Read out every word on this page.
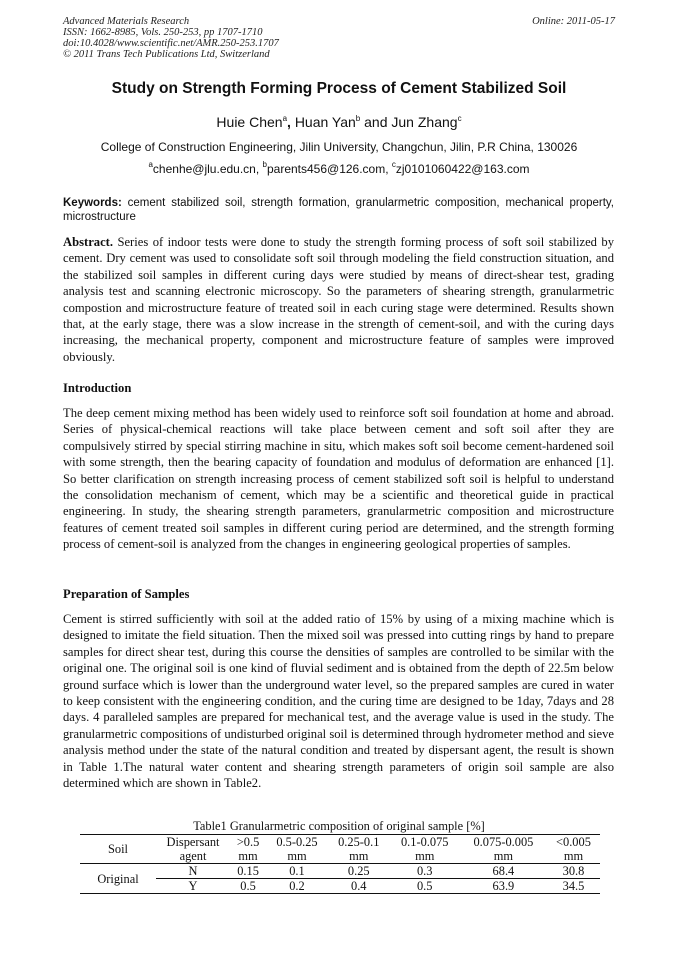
Advanced Materials Research
ISSN: 1662-8985, Vols. 250-253, pp 1707-1710
doi:10.4028/www.scientific.net/AMR.250-253.1707
© 2011 Trans Tech Publications Ltd, Switzerland
Online: 2011-05-17
Study on Strength Forming Process of Cement Stabilized Soil
Huie Chen$^a$, Huan Yan$^b$ and Jun Zhang$^c$
College of Construction Engineering, Jilin University, Changchun, Jilin, P.R China, 130026
$^a$chenhe@jlu.edu.cn, $^b$parents456@126.com, $^c$zj0101060422@163.com
Keywords: cement stabilized soil, strength formation, granularmetric composition, mechanical property, microstructure
Abstract. Series of indoor tests were done to study the strength forming process of soft soil stabilized by cement. Dry cement was used to consolidate soft soil through modeling the field construction situation, and the stabilized soil samples in different curing days were studied by means of direct-shear test, grading analysis test and scanning electronic microscopy. So the parameters of shearing strength, granularmetric compostion and microstructure feature of treated soil in each curing stage were determined. Results shown that, at the early stage, there was a slow increase in the strength of cement-soil, and with the curing days increasing, the mechanical property, component and microstructure feature of samples were improved obviously.
Introduction
The deep cement mixing method has been widely used to reinforce soft soil foundation at home and abroad. Series of physical-chemical reactions will take place between cement and soft soil after they are compulsively stirred by special stirring machine in situ, which makes soft soil become cement-hardened soil with some strength, then the bearing capacity of foundation and modulus of deformation are enhanced [1]. So better clarification on strength increasing process of cement stabilized soft soil is helpful to understand the consolidation mechanism of cement, which may be a scientific and theoretical guide in practical engineering. In study, the shearing strength parameters, granularmetric composition and microstructure features of cement treated soil samples in different curing period are determined, and the strength forming process of cement-soil is analyzed from the changes in engineering geological properties of samples.
Preparation of Samples
Cement is stirred sufficiently with soil at the added ratio of 15% by using of a mixing machine which is designed to imitate the field situation. Then the mixed soil was pressed into cutting rings by hand to prepare samples for direct shear test, during this course the densities of samples are controlled to be similar with the original one. The original soil is one kind of fluvial sediment and is obtained from the depth of 22.5m below ground surface which is lower than the underground water level, so the prepared samples are cured in water to keep consistent with the engineering condition, and the curing time are designed to be 1day, 7days and 28 days. 4 paralleled samples are prepared for mechanical test, and the average value is used in the study. The granularmetric compositions of undisturbed original soil is determined through hydrometer method and sieve analysis method under the state of the natural condition and treated by dispersant agent, the result is shown in Table 1.The natural water content and shearing strength parameters of origin soil sample are also determined which are shown in Table2.
Table1 Granularmetric composition of original sample [%]
Soil	Dispersant	>0.5	0.5-0.25	0.25-0.1	0.1-0.075	0.075-0.005	<0.005
	agent	mm	mm	mm	mm	mm	mm
Original	N	0.15	0.1	0.25	0.3	68.4	30.8
	Y	0.5	0.2	0.4	0.5	63.9	34.5
